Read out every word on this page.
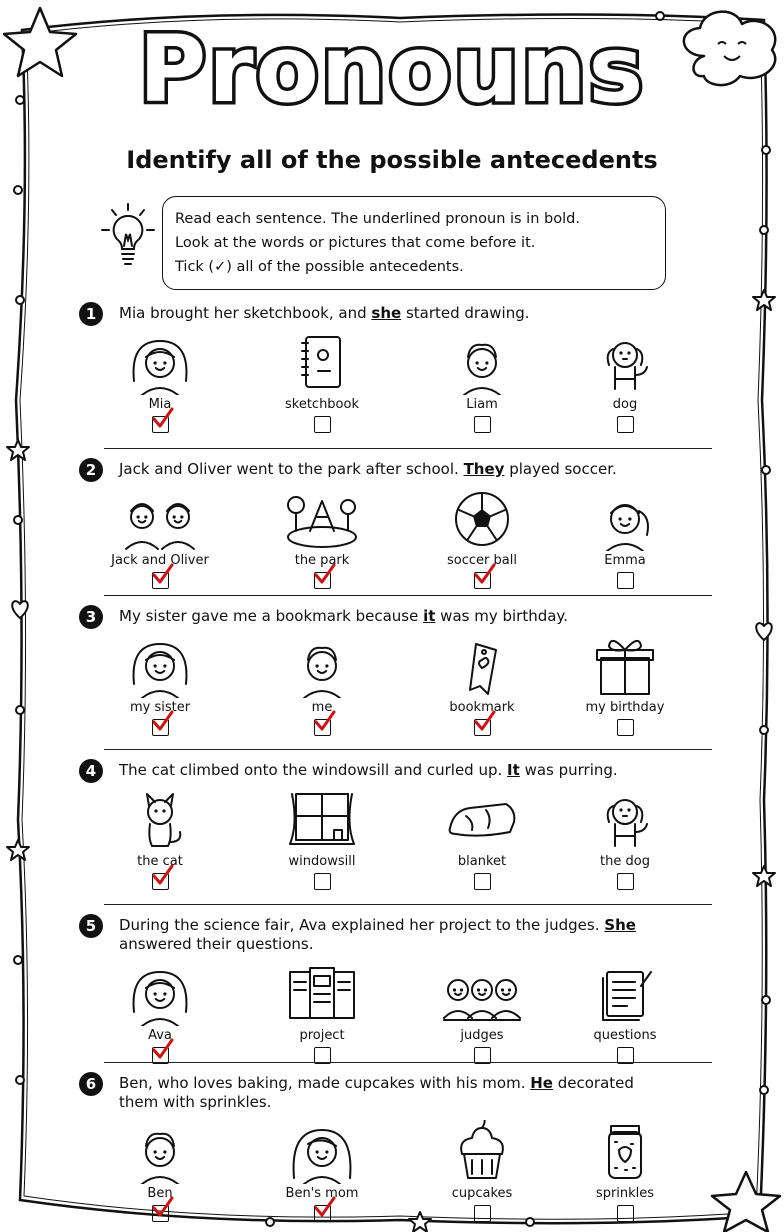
Pronouns
Identify all of the possible antecedents
Read each sentence. The underlined pronoun is in bold.
Look at the words or pictures that come before it.
Tick (✓) all of the possible antecedents.
1	Mia brought her sketchbook, and she started drawing.
Mia	sketchbook	Liam	dog
2	Jack and Oliver went to the park after school. They played soccer.
Jack and Oliver	the park	soccer ball	Emma
3	My sister gave me a bookmark because it was my birthday.
my sister	me	bookmark	my birthday
4	The cat climbed onto the windowsill and curled up. It was purring.
the cat	windowsill	blanket	the dog
5	During the science fair, Ava explained her project to the judges. She answered their questions.
Ava	project	judges	questions
6	Ben, who loves baking, made cupcakes with his mom. He decorated them with sprinkles.
Ben	Ben's mom	cupcakes	sprinkles
